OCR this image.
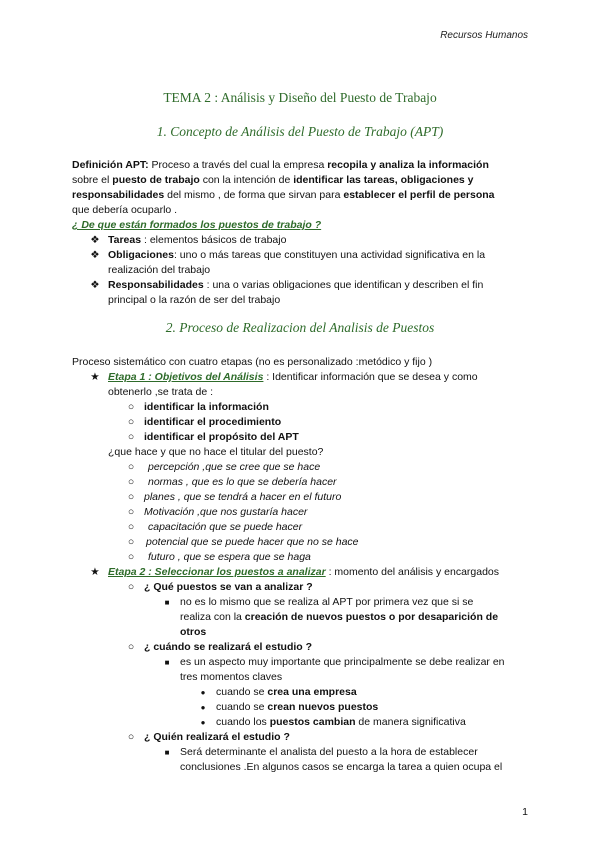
Recursos Humanos
TEMA 2 : Análisis y Diseño del Puesto de Trabajo
1. Concepto de Análisis del Puesto de Trabajo (APT)
Definición APT: Proceso a través del cual la empresa recopila y analiza la información
sobre el puesto de trabajo con la intención de identificar las tareas, obligaciones y
responsabilidades del mismo , de forma que sirvan para establecer el perfil de persona
que debería ocuparlo .
¿ De que están formados los puestos de trabajo ?
❖ Tareas : elementos básicos de trabajo
❖ Obligaciones: uno o más tareas que constituyen una actividad significativa en la
realización del trabajo
❖ Responsabilidades : una o varias obligaciones que identifican y describen el fin
principal o la razón de ser del trabajo
2. Proceso de Realizacion del Analisis de Puestos
Proceso sistemático con cuatro etapas (no es personalizado :metódico y fijo )
★ Etapa 1 : Objetivos del Análisis : Identificar información que se desea y como
obtenerlo ,se trata de :
○ identificar la información
○ identificar el procedimiento
○ identificar el propósito del APT
¿que hace y que no hace el titular del puesto?
○	percepción ,que se cree que se hace
○	normas , que es lo que se debería hacer
○ planes , que se tendrá a hacer en el futuro
○ Motivación ,que nos gustaría hacer
○	capacitación que se puede hacer
○	potencial que se puede hacer que no se hace
○	futuro , que se espera que se haga
★ Etapa 2 : Seleccionar los puestos a analizar : momento del análisis y encargados
○ ¿ Qué puestos se van a analizar ?
■	no es lo mismo que se realiza al APT por primera vez que si se
realiza con la creación de nuevos puestos o por desaparición de
otros
○ ¿ cuándo se realizará el estudio ?
■	es un aspecto muy importante que principalmente se debe realizar en
tres momentos claves
●	cuando se crea una empresa
●	cuando se crean nuevos puestos
●	cuando los puestos cambian de manera significativa
○ ¿ Quién realizará el estudio ?
■	Será determinante el analista del puesto a la hora de establecer
conclusiones .En algunos casos se encarga la tarea a quien ocupa el
1
